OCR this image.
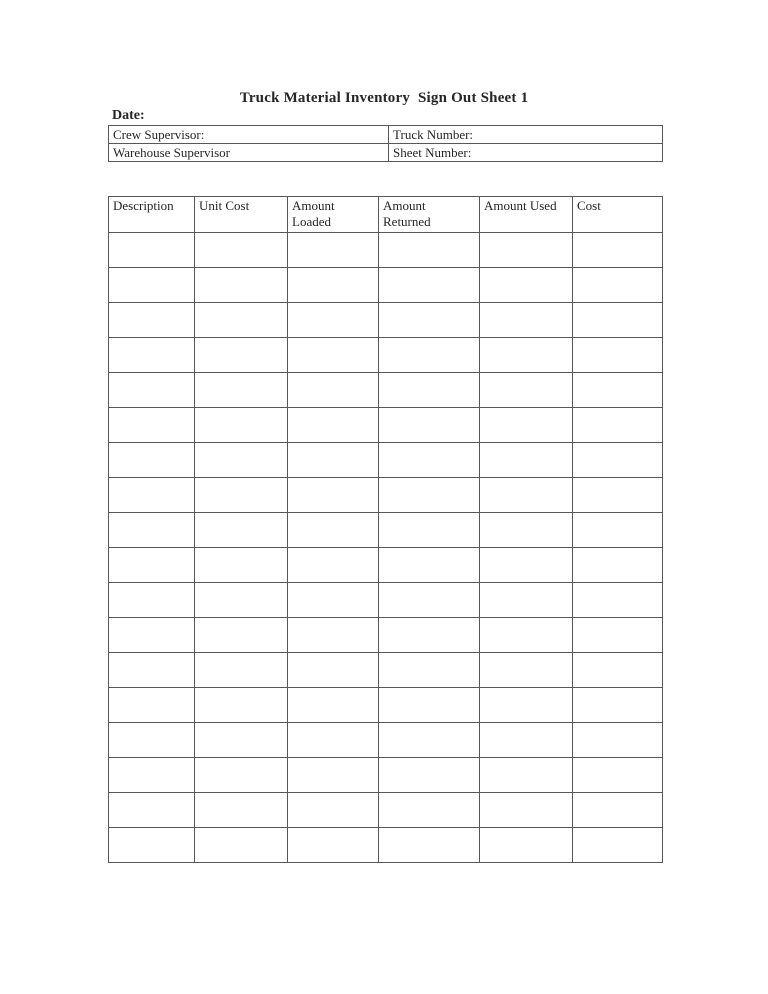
Truck Material Inventory  Sign Out Sheet 1
Date:
Crew Supervisor:	Truck Number:
Warehouse Supervisor	Sheet Number:
Description	Unit Cost	Amount Loaded	Amount Returned	Amount Used	Cost
